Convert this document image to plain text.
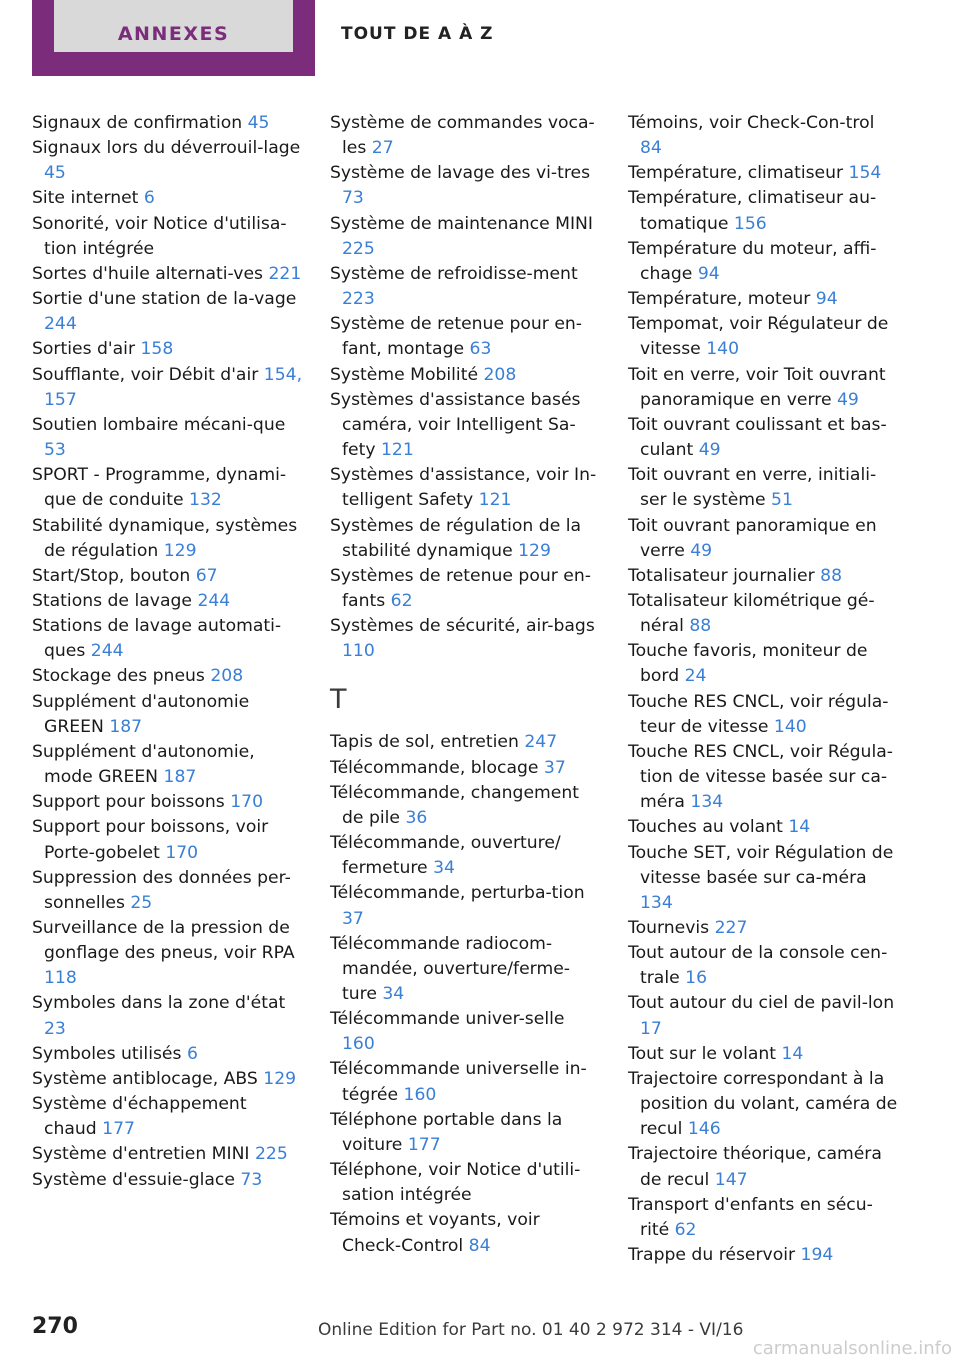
ANNEXES	TOUT DE A À Z
Signaux de confirmation 45
Signaux lors du déverrouil-lage 45
Site internet 6
Sonorité, voir Notice d'utilisa-tion intégrée
Sortes d'huile alternati-ves 221
Sortie d'une station de la-vage 244
Sorties d'air 158
Soufflante, voir Débit d'air 154, 157
Soutien lombaire mécani-que 53
SPORT - Programme, dynami-que de conduite 132
Stabilité dynamique, systèmes de régulation 129
Start/Stop, bouton 67
Stations de lavage 244
Stations de lavage automati-ques 244
Stockage des pneus 208
Supplément d'autonomie GREEN 187
Supplément d'autonomie, mode GREEN 187
Support pour boissons 170
Support pour boissons, voir Porte-gobelet 170
Suppression des données per-sonnelles 25
Surveillance de la pression de gonflage des pneus, voir RPA 118
Symboles dans la zone d'état 23
Symboles utilisés 6
Système antiblocage, ABS 129
Système d'échappement chaud 177
Système d'entretien MINI 225
Système d'essuie-glace 73
Système de commandes voca-les 27
Système de lavage des vi-tres 73
Système de maintenance MINI 225
Système de refroidisse-ment 223
Système de retenue pour en-fant, montage 63
Système Mobilité 208
Systèmes d'assistance basés caméra, voir Intelligent Sa-fety 121
Systèmes d'assistance, voir In-telligent Safety 121
Systèmes de régulation de la stabilité dynamique 129
Systèmes de retenue pour en-fants 62
Systèmes de sécurité, air-bags 110
T
Tapis de sol, entretien 247
Télécommande, blocage 37
Télécommande, changement de pile 36
Télécommande, ouverture/ fermeture 34
Télécommande, perturba-tion 37
Télécommande radiocom-mandée, ouverture/ferme-ture 34
Télécommande univer-selle 160
Télécommande universelle in-tégrée 160
Téléphone portable dans la voiture 177
Téléphone, voir Notice d'utili-sation intégrée
Témoins et voyants, voir Check-Control 84
Témoins, voir Check-Con-trol 84
Température, climatiseur 154
Température, climatiseur au-tomatique 156
Température du moteur, affi-chage 94
Température, moteur 94
Tempomat, voir Régulateur de vitesse 140
Toit en verre, voir Toit ouvrant panoramique en verre 49
Toit ouvrant coulissant et bas-culant 49
Toit ouvrant en verre, initiali-ser le système 51
Toit ouvrant panoramique en verre 49
Totalisateur journalier 88
Totalisateur kilométrique gé-néral 88
Touche favoris, moniteur de bord 24
Touche RES CNCL, voir régula-teur de vitesse 140
Touche RES CNCL, voir Régula-tion de vitesse basée sur ca-méra 134
Touches au volant 14
Touche SET, voir Régulation de vitesse basée sur ca-méra 134
Tournevis 227
Tout autour de la console cen-trale 16
Tout autour du ciel de pavil-lon 17
Tout sur le volant 14
Trajectoire correspondant à la position du volant, caméra de recul 146
Trajectoire théorique, caméra de recul 147
Transport d'enfants en sécu-rité 62
Trappe du réservoir 194
270	Online Edition for Part no. 01 40 2 972 314 - VI/16
carmanualsonline.info
